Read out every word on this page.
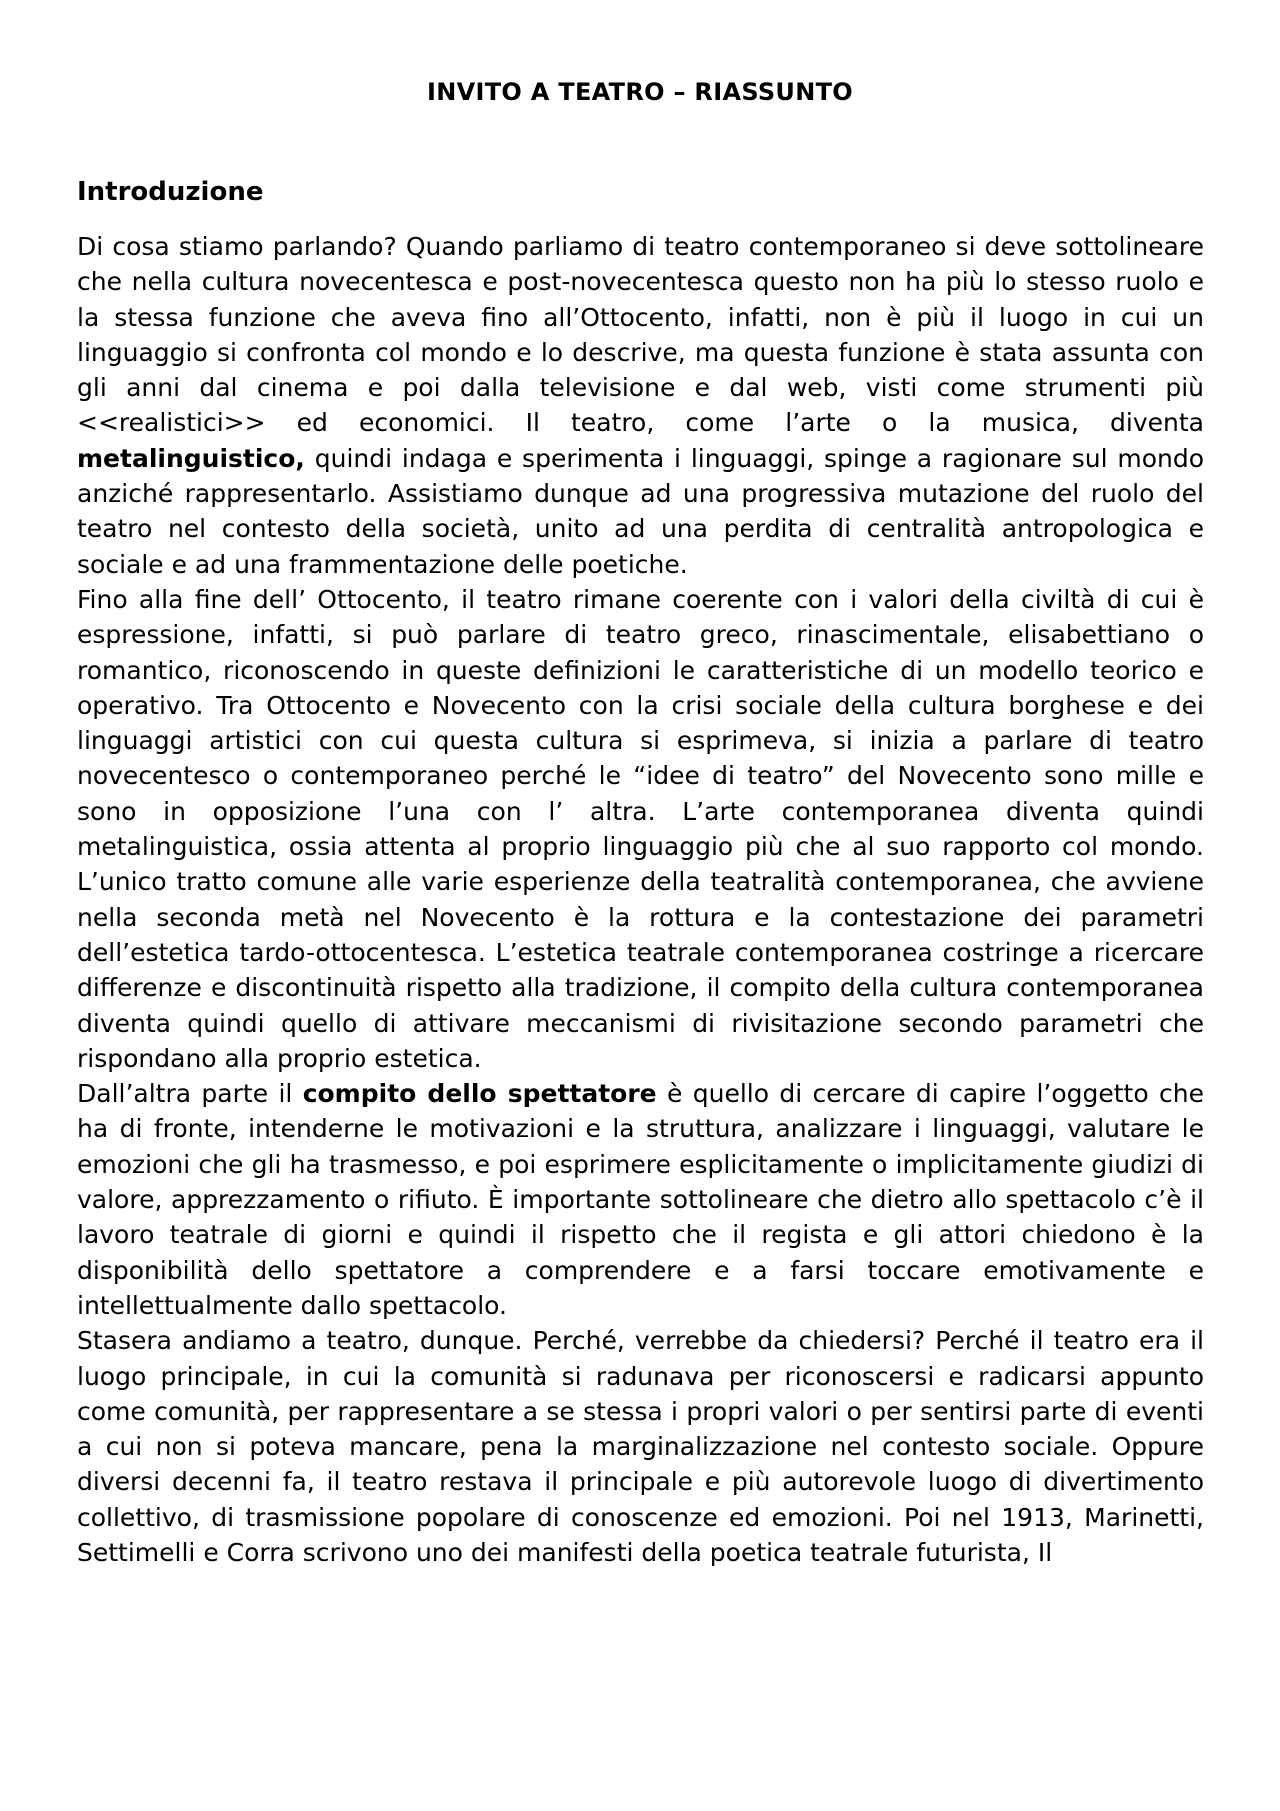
INVITO A TEATRO – RIASSUNTO
Introduzione

Di cosa stiamo parlando? Quando parliamo di teatro contemporaneo si deve sottolineare che nella cultura novecentesca e post-novecentesca questo non ha più lo stesso ruolo e la stessa funzione che aveva fino all’Ottocento, infatti, non è più il luogo in cui un linguaggio si confronta col mondo e lo descrive, ma questa funzione è stata assunta con gli anni dal cinema e poi dalla televisione e dal web, visti come strumenti più <<realistici>> ed economici. Il teatro, come l’arte o la musica, diventa metalinguistico, quindi indaga e sperimenta i linguaggi, spinge a ragionare sul mondo anziché rappresentarlo. Assistiamo dunque ad una progressiva mutazione del ruolo del teatro nel contesto della società, unito ad una perdita di centralità antropologica e sociale e ad una frammentazione delle poetiche.

Fino alla fine dell’ Ottocento, il teatro rimane coerente con i valori della civiltà di cui è espressione, infatti, si può parlare di teatro greco, rinascimentale, elisabettiano o romantico, riconoscendo in queste definizioni le caratteristiche di un modello teorico e operativo. Tra Ottocento e Novecento con la crisi sociale della cultura borghese e dei linguaggi artistici con cui questa cultura si esprimeva, si inizia a parlare di teatro novecentesco o contemporaneo perché le “idee di teatro” del Novecento sono mille e sono in opposizione l’una con l’ altra. L’arte contemporanea diventa quindi metalinguistica, ossia attenta al proprio linguaggio più che al suo rapporto col mondo. L’unico tratto comune alle varie esperienze della teatralità contemporanea, che avviene nella seconda metà nel Novecento è la rottura e la contestazione dei parametri dell’estetica tardo-ottocentesca. L’estetica teatrale contemporanea costringe a ricercare differenze e discontinuità rispetto alla tradizione, il compito della cultura contemporanea diventa quindi quello di attivare meccanismi di rivisitazione secondo parametri che rispondano alla proprio estetica.

Dall’altra parte il compito dello spettatore è quello di cercare di capire l’oggetto che ha di fronte, intenderne le motivazioni e la struttura, analizzare i linguaggi, valutare le emozioni che gli ha trasmesso, e poi esprimere esplicitamente o implicitamente giudizi di valore, apprezzamento o rifiuto. È importante sottolineare che dietro allo spettacolo c’è il lavoro teatrale di giorni e quindi il rispetto che il regista e gli attori chiedono è la disponibilità dello spettatore a comprendere e a farsi toccare emotivamente e intellettualmente dallo spettacolo.

Stasera andiamo a teatro, dunque. Perché, verrebbe da chiedersi? Perché il teatro era il luogo principale, in cui la comunità si radunava per riconoscersi e radicarsi appunto come comunità, per rappresentare a se stessa i propri valori o per sentirsi parte di eventi a cui non si poteva mancare, pena la marginalizzazione nel contesto sociale. Oppure diversi decenni fa, il teatro restava il principale e più autorevole luogo di divertimento collettivo, di trasmissione popolare di conoscenze ed emozioni. Poi nel 1913, Marinetti, Settimelli e Corra scrivono uno dei manifesti della poetica teatrale futurista, Il
